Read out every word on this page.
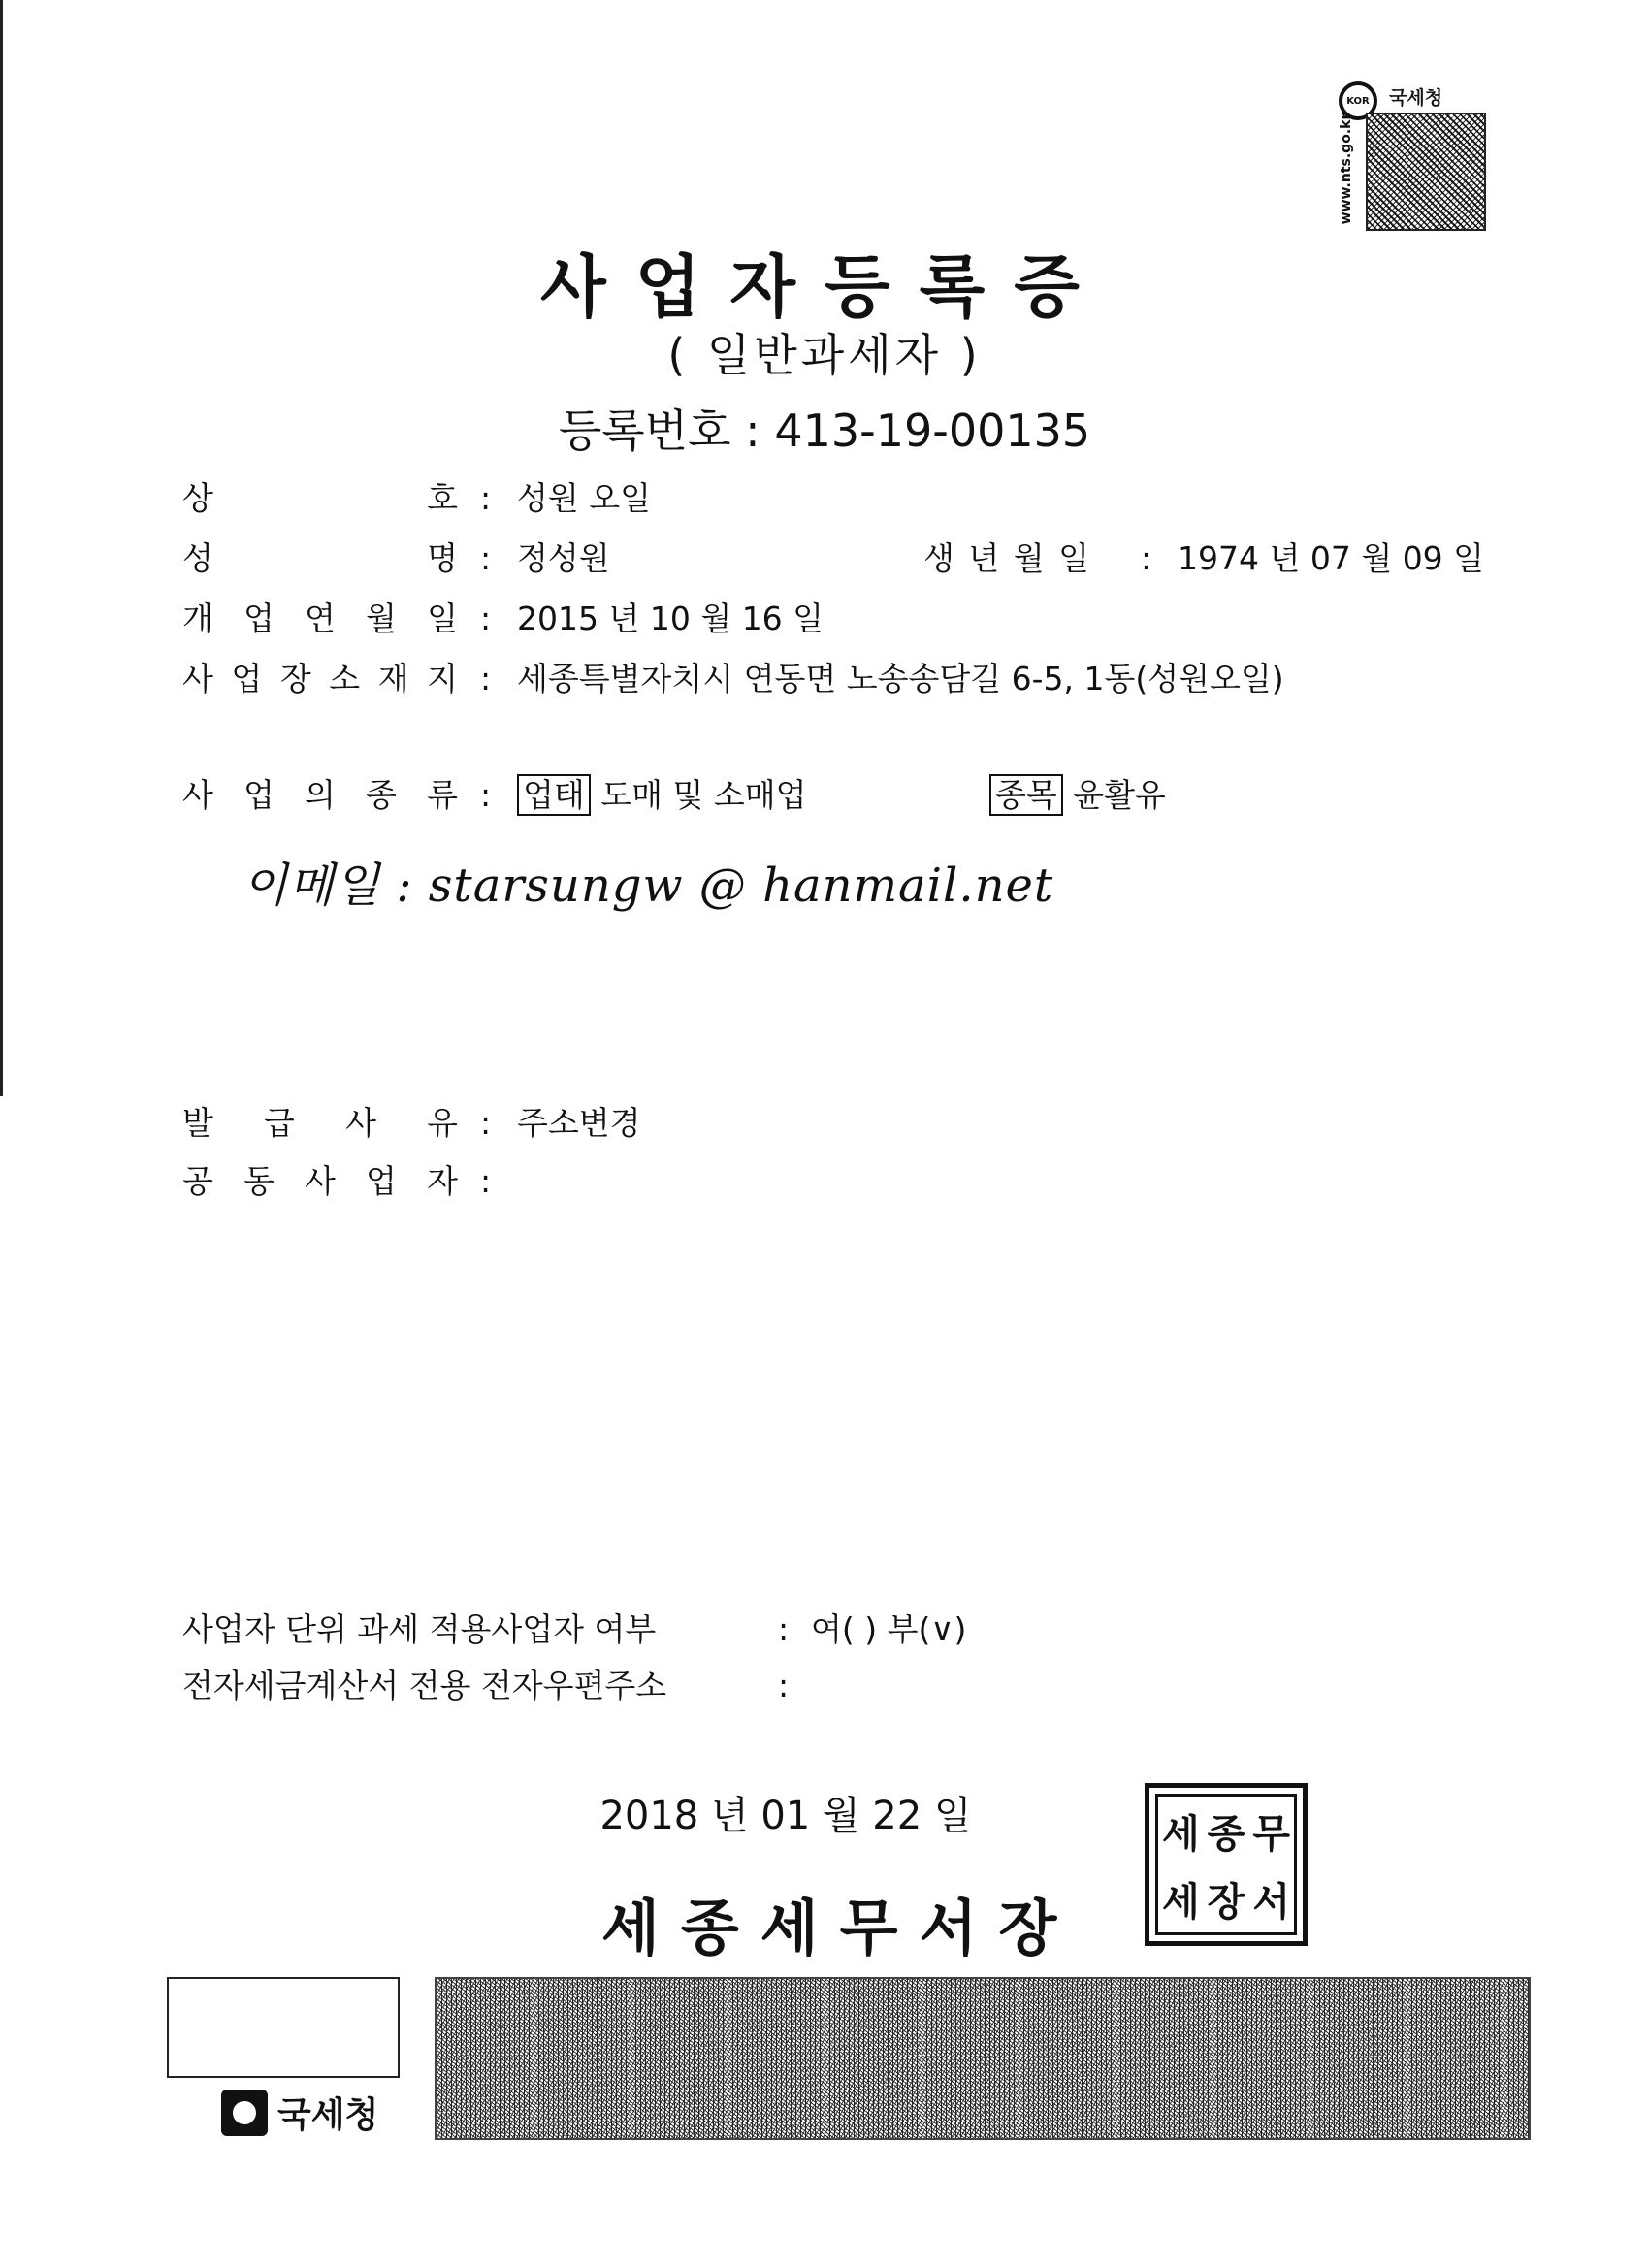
KOR 국세청
www.nts.go.kr
사업자등록증
( 일반과세자 )
등록번호 : 413-19-00135
상	호 : 성원 오일
성	명 : 정성원	생 년 월 일 : 1974 년 07 월 09 일
개 업 연 월 일 : 2015 년 10 월 16 일
사 업 장 소 재 지 : 세종특별자치시 연동면 노송송담길 6-5, 1동(성원오일)
사 업 의 종 류 : 업태 도매 및 소매업	종목 윤활유
이메일 : starsungw @ hanmail.net
발 급 사 유 : 주소변경
공 동 사 업 자 :
사업자 단위 과세 적용사업자 여부	: 여( ) 부(∨)
전자세금계산서 전용 전자우편주소	:
2018 년 01 월 22 일
세종세무서장
세 종 무
세 장 서
국세청
